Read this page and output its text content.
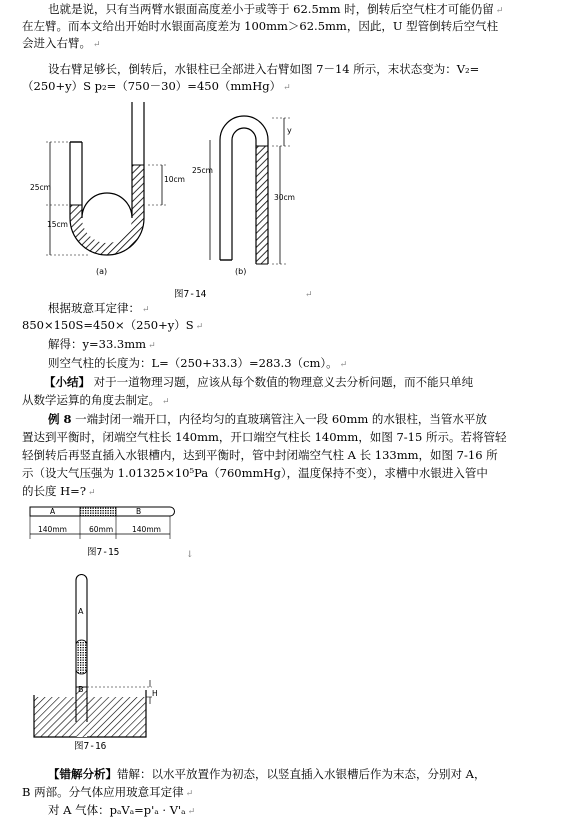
也就是说，只有当两臂水银面高度差小于或等于 62.5mm 时，倒转后空气柱才可能仍留 ↵
在左臂。而本文给出开始时水银面高度差为 100mm＞62.5mm，因此，U 型管倒转后空气柱
会进入右臂。 ↵
设右臂足够长，倒转后，水银柱已全部进入右臂如图 7－14 所示，末状态变为：V₂=
（250+y）S p₂=（750－30）=450（mmHg） ↵
25cm
15cm
10cm
(a)
25cm
y
30cm
(b)
图7-14	↵
根据玻意耳定律： ↵
850×150S=450×（250+y）S ↵
解得：y=33.3mm ↵
则空气柱的长度为：L=（250+33.3）=283.3（cm）。 ↵
【小结】 对于一道物理习题，应该从每个数值的物理意义去分析问题，而不能只单纯
从数学运算的角度去制定。 ↵
例 8 一端封闭一端开口，内径均匀的直玻璃管注入一段 60mm 的水银柱，当管水平放
置达到平衡时，闭端空气柱长 140mm，开口端空气柱长 140mm，如图 7-15 所示。若将管轻
轻倒转后再竖直插入水银槽内，达到平衡时，管中封闭端空气柱 A 长 133mm，如图 7-16 所
示（设大气压强为 1.01325×10⁵Pa（760mmHg），温度保持不变），求槽中水银进入管中
的长度 H=? ↵
A	B
140mm	60mm	140mm
图7-15	↓
A
B	H
图7-16
【错解分析】错解：以水平放置作为初态，以竖直插入水银槽后作为末态，分别对 A，
B 两部。分气体应用玻意耳定律 ↵
对 A 气体：pₐVₐ=p'ₐ · V'ₐ ↵
